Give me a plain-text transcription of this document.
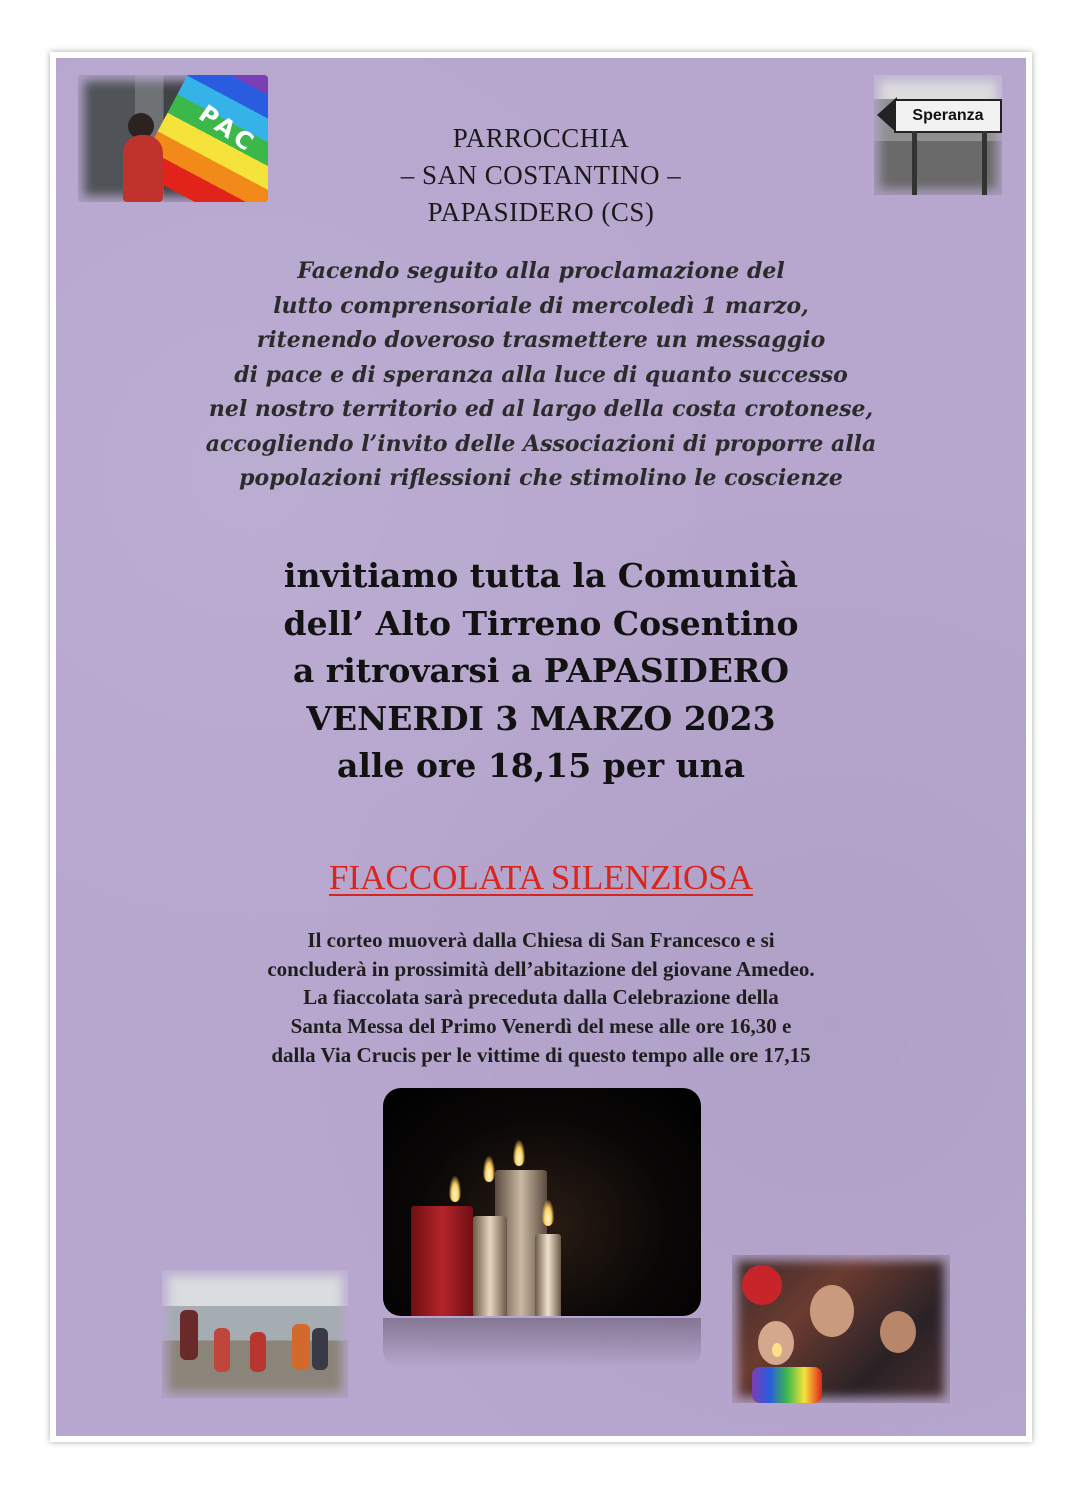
PAC	Speranza
PARROCCHIA
– SAN COSTANTINO –
PAPASIDERO (CS)
Facendo seguito alla proclamazione del
lutto comprensoriale di mercoledì 1 marzo,
ritenendo doveroso trasmettere un messaggio
di pace e di speranza alla luce di quanto successo
nel nostro territorio ed al largo della costa crotonese,
accogliendo l’invito delle Associazioni di proporre alla
popolazioni riflessioni che stimolino le coscienze
invitiamo tutta la Comunità
dell’ Alto Tirreno Cosentino
a ritrovarsi a PAPASIDERO
VENERDI 3 MARZO 2023
alle ore 18,15 per una
FIACCOLATA SILENZIOSA
Il corteo muoverà dalla Chiesa di San Francesco e si
concluderà in prossimità dell’abitazione del giovane Amedeo.
La fiaccolata sarà preceduta dalla Celebrazione della
Santa Messa del Primo Venerdì del mese alle ore 16,30 e
dalla Via Crucis per le vittime di questo tempo alle ore 17,15
